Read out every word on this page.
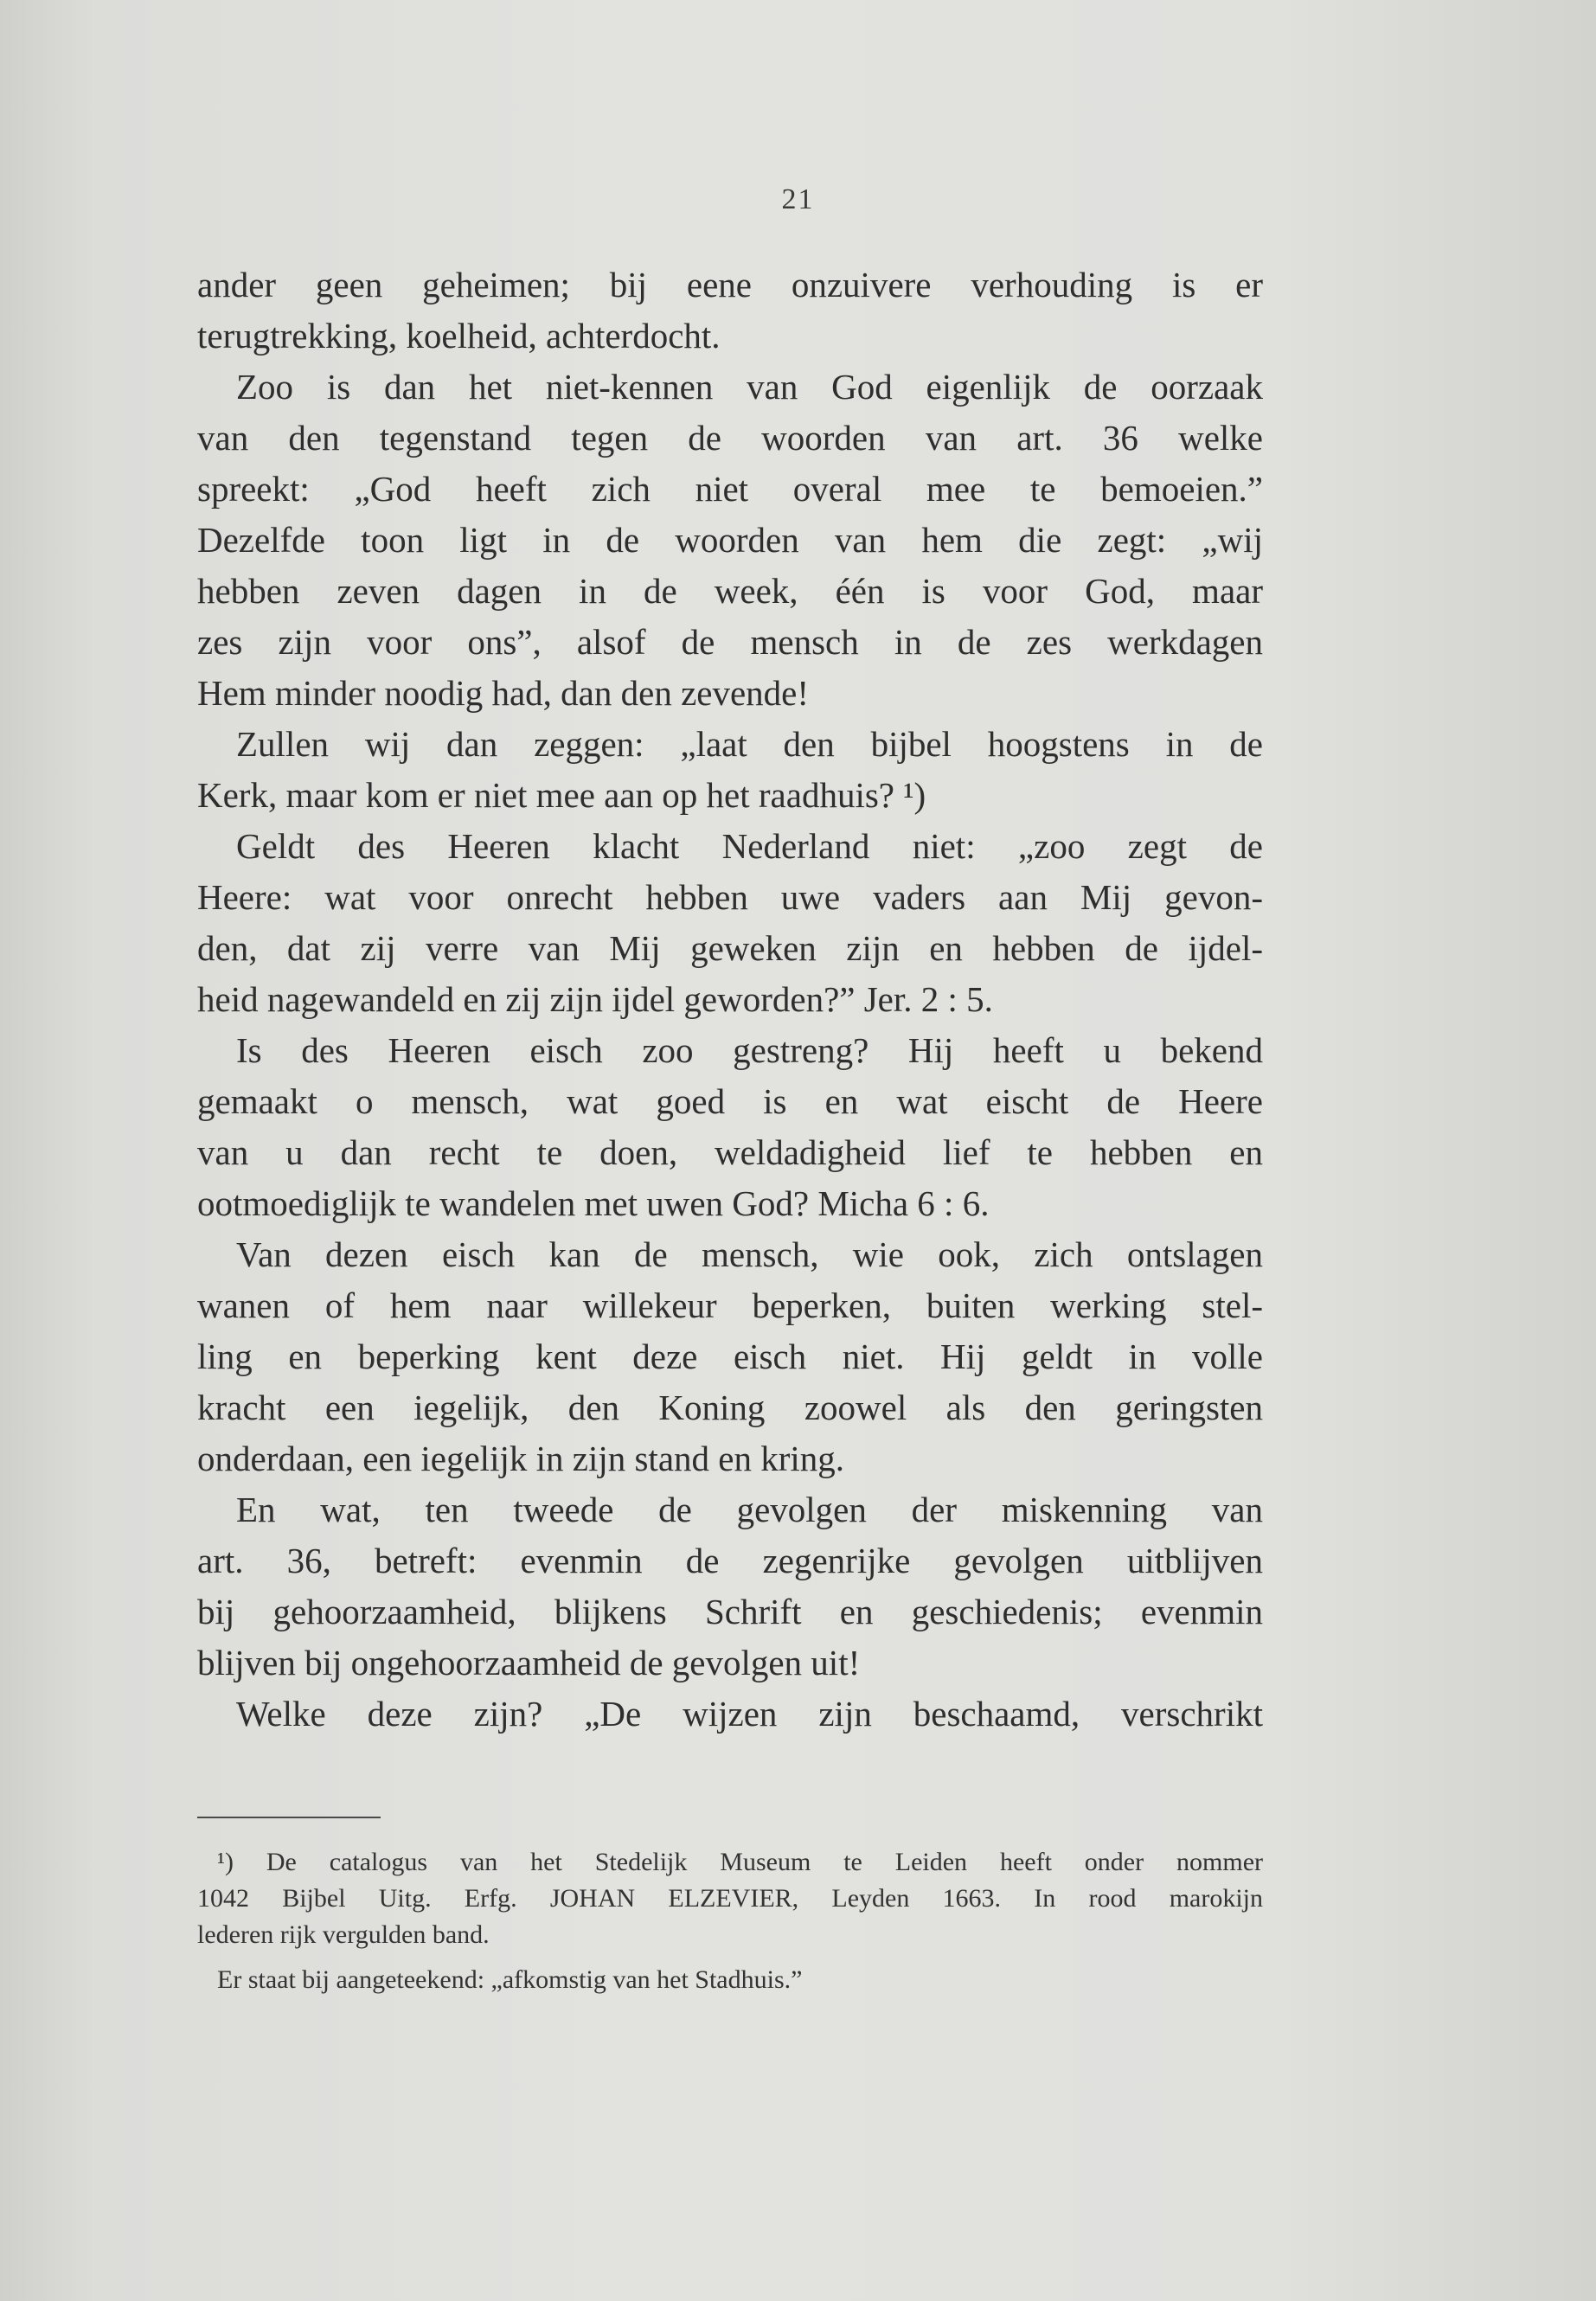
21
ander geen geheimen; bij eene onzuivere verhouding is er
terugtrekking, koelheid, achterdocht.
Zoo is dan het niet-kennen van God eigenlijk de oorzaak
van den tegenstand tegen de woorden van art. 36 welke
spreekt: „God heeft zich niet overal mee te bemoeien.”
Dezelfde toon ligt in de woorden van hem die zegt: „wij
hebben zeven dagen in de week, één is voor God, maar
zes zijn voor ons”, alsof de mensch in de zes werkdagen
Hem minder noodig had, dan den zevende!
Zullen wij dan zeggen: „laat den bijbel hoogstens in de
Kerk, maar kom er niet mee aan op het raadhuis? ¹)
Geldt des Heeren klacht Nederland niet: „zoo zegt de
Heere: wat voor onrecht hebben uwe vaders aan Mij gevon-
den, dat zij verre van Mij geweken zijn en hebben de ijdel-
heid nagewandeld en zij zijn ijdel geworden?” Jer. 2 : 5.
Is des Heeren eisch zoo gestreng? Hij heeft u bekend
gemaakt o mensch, wat goed is en wat eischt de Heere
van u dan recht te doen, weldadigheid lief te hebben en
ootmoediglijk te wandelen met uwen God? Micha 6 : 6.
Van dezen eisch kan de mensch, wie ook, zich ontslagen
wanen of hem naar willekeur beperken, buiten werking stel-
ling en beperking kent deze eisch niet. Hij geldt in volle
kracht een iegelijk, den Koning zoowel als den geringsten
onderdaan, een iegelijk in zijn stand en kring.
En wat, ten tweede de gevolgen der miskenning van
art. 36, betreft: evenmin de zegenrijke gevolgen uitblijven
bij gehoorzaamheid, blijkens Schrift en geschiedenis; evenmin
blijven bij ongehoorzaamheid de gevolgen uit!
Welke deze zijn? „De wijzen zijn beschaamd, verschrikt
¹) De catalogus van het Stedelijk Museum te Leiden heeft onder nommer
1042 Bijbel Uitg. Erfg. JOHAN ELZEVIER, Leyden 1663. In rood marokijn
lederen rijk vergulden band.
Er staat bij aangeteekend: „afkomstig van het Stadhuis.”
